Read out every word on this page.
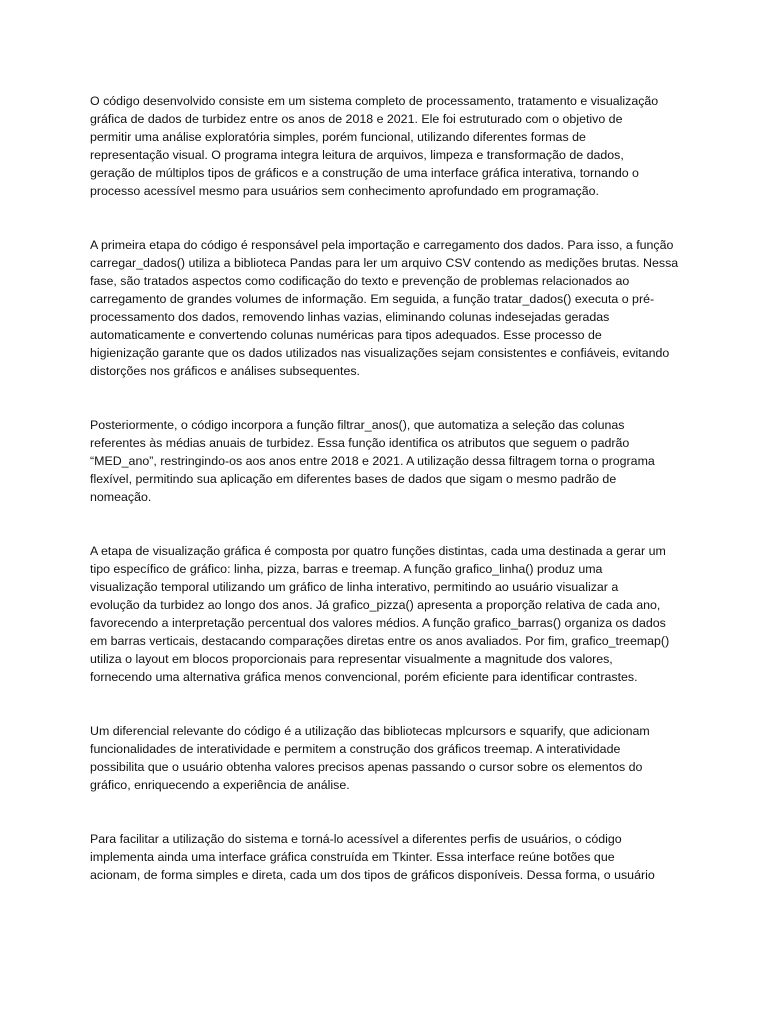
O código desenvolvido consiste em um sistema completo de processamento, tratamento e visualização
gráfica de dados de turbidez entre os anos de 2018 e 2021. Ele foi estruturado com o objetivo de
permitir uma análise exploratória simples, porém funcional, utilizando diferentes formas de
representação visual. O programa integra leitura de arquivos, limpeza e transformação de dados,
geração de múltiplos tipos de gráficos e a construção de uma interface gráfica interativa, tornando o
processo acessível mesmo para usuários sem conhecimento aprofundado em programação.

A primeira etapa do código é responsável pela importação e carregamento dos dados. Para isso, a função
carregar_dados() utiliza a biblioteca Pandas para ler um arquivo CSV contendo as medições brutas. Nessa
fase, são tratados aspectos como codificação do texto e prevenção de problemas relacionados ao
carregamento de grandes volumes de informação. Em seguida, a função tratar_dados() executa o pré-
processamento dos dados, removendo linhas vazias, eliminando colunas indesejadas geradas
automaticamente e convertendo colunas numéricas para tipos adequados. Esse processo de
higienização garante que os dados utilizados nas visualizações sejam consistentes e confiáveis, evitando
distorções nos gráficos e análises subsequentes.

Posteriormente, o código incorpora a função filtrar_anos(), que automatiza a seleção das colunas
referentes às médias anuais de turbidez. Essa função identifica os atributos que seguem o padrão
“MED_ano”, restringindo-os aos anos entre 2018 e 2021. A utilização dessa filtragem torna o programa
flexível, permitindo sua aplicação em diferentes bases de dados que sigam o mesmo padrão de
nomeação.

A etapa de visualização gráfica é composta por quatro funções distintas, cada uma destinada a gerar um
tipo específico de gráfico: linha, pizza, barras e treemap. A função grafico_linha() produz uma
visualização temporal utilizando um gráfico de linha interativo, permitindo ao usuário visualizar a
evolução da turbidez ao longo dos anos. Já grafico_pizza() apresenta a proporção relativa de cada ano,
favorecendo a interpretação percentual dos valores médios. A função grafico_barras() organiza os dados
em barras verticais, destacando comparações diretas entre os anos avaliados. Por fim, grafico_treemap()
utiliza o layout em blocos proporcionais para representar visualmente a magnitude dos valores,
fornecendo uma alternativa gráfica menos convencional, porém eficiente para identificar contrastes.

Um diferencial relevante do código é a utilização das bibliotecas mplcursors e squarify, que adicionam
funcionalidades de interatividade e permitem a construção dos gráficos treemap. A interatividade
possibilita que o usuário obtenha valores precisos apenas passando o cursor sobre os elementos do
gráfico, enriquecendo a experiência de análise.

Para facilitar a utilização do sistema e torná-lo acessível a diferentes perfis de usuários, o código
implementa ainda uma interface gráfica construída em Tkinter. Essa interface reúne botões que
acionam, de forma simples e direta, cada um dos tipos de gráficos disponíveis. Dessa forma, o usuário
